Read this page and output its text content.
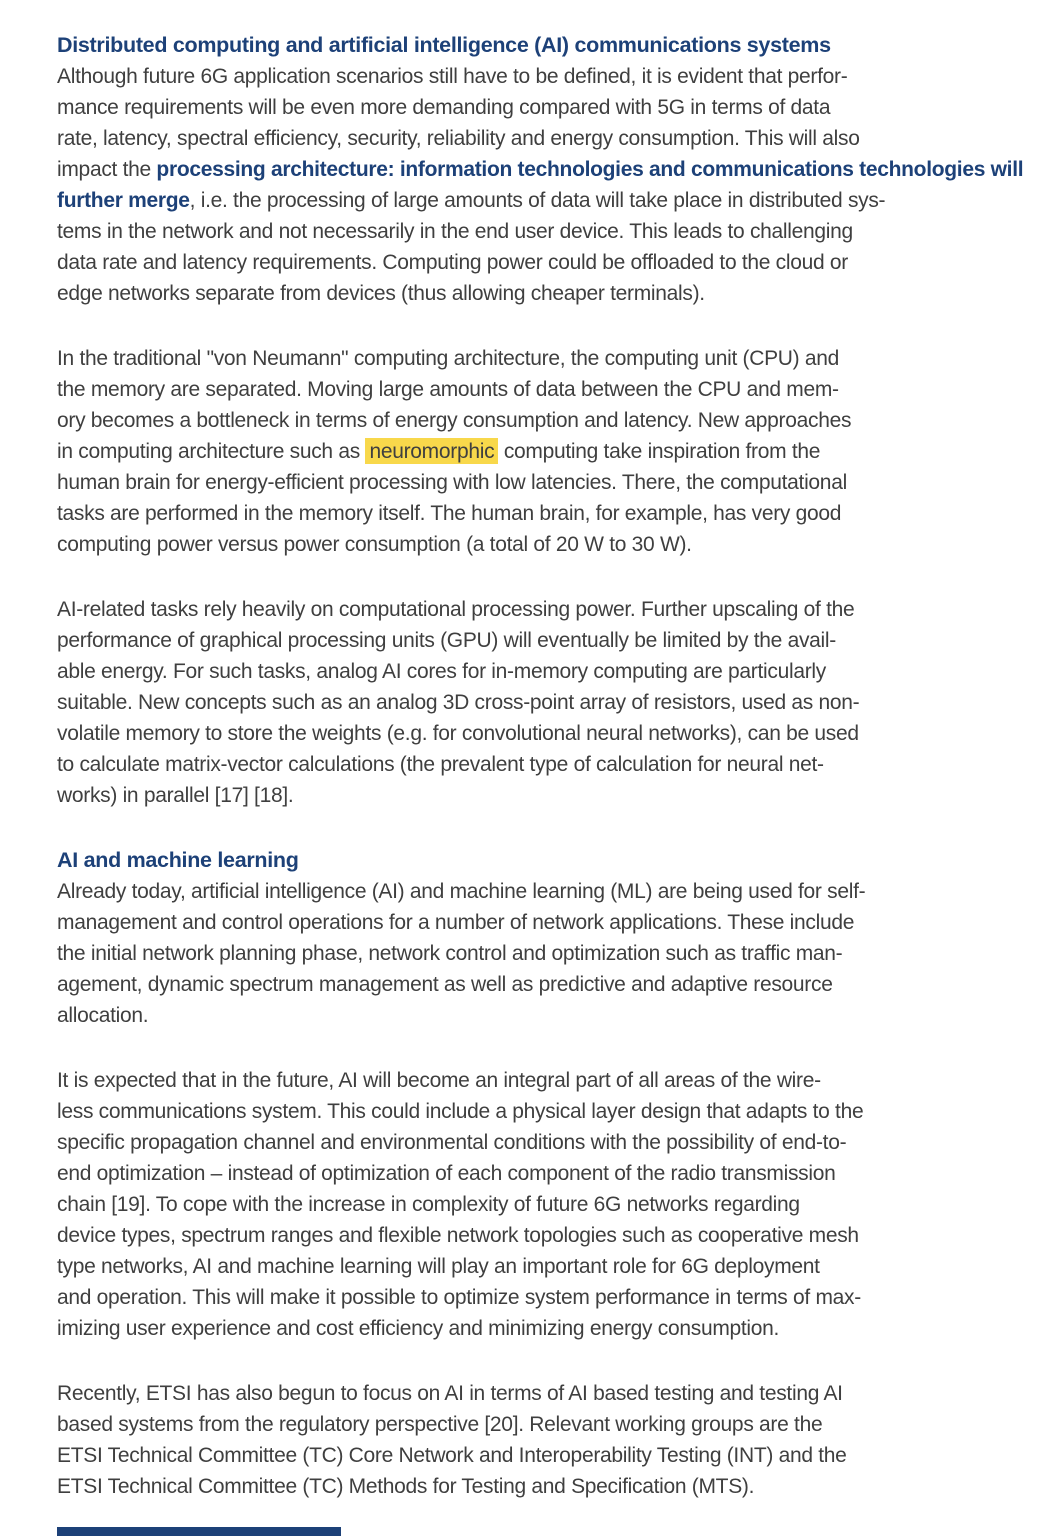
Distributed computing and artificial intelligence (AI) communications systems
Although future 6G application scenarios still have to be defined, it is evident that perfor-
mance requirements will be even more demanding compared with 5G in terms of data
rate, latency, spectral efficiency, security, reliability and energy consumption. This will also
impact the processing architecture: information technologies and communications technologies will
further merge, i.e. the processing of large amounts of data will take place in distributed sys-
tems in the network and not necessarily in the end user device. This leads to challenging
data rate and latency requirements. Computing power could be offloaded to the cloud or
edge networks separate from devices (thus allowing cheaper terminals).
In the traditional "von Neumann" computing architecture, the computing unit (CPU) and
the memory are separated. Moving large amounts of data between the CPU and mem-
ory becomes a bottleneck in terms of energy consumption and latency. New approaches
in computing architecture such as neuromorphic computing take inspiration from the
human brain for energy-efficient processing with low latencies. There, the computational
tasks are performed in the memory itself. The human brain, for example, has very good
computing power versus power consumption (a total of 20 W to 30 W).
AI-related tasks rely heavily on computational processing power. Further upscaling of the
performance of graphical processing units (GPU) will eventually be limited by the avail-
able energy. For such tasks, analog AI cores for in-memory computing are particularly
suitable. New concepts such as an analog 3D cross-point array of resistors, used as non-
volatile memory to store the weights (e.g. for convolutional neural networks), can be used
to calculate matrix-vector calculations (the prevalent type of calculation for neural net-
works) in parallel [17] [18].
AI and machine learning
Already today, artificial intelligence (AI) and machine learning (ML) are being used for self-
management and control operations for a number of network applications. These include
the initial network planning phase, network control and optimization such as traffic man-
agement, dynamic spectrum management as well as predictive and adaptive resource
allocation.
It is expected that in the future, AI will become an integral part of all areas of the wire-
less communications system. This could include a physical layer design that adapts to the
specific propagation channel and environmental conditions with the possibility of end-to-
end optimization – instead of optimization of each component of the radio transmission
chain [19]. To cope with the increase in complexity of future 6G networks regarding
device types, spectrum ranges and flexible network topologies such as cooperative mesh
type networks, AI and machine learning will play an important role for 6G deployment
and operation. This will make it possible to optimize system performance in terms of max-
imizing user experience and cost efficiency and minimizing energy consumption.
Recently, ETSI has also begun to focus on AI in terms of AI based testing and testing AI
based systems from the regulatory perspective [20]. Relevant working groups are the
ETSI Technical Committee (TC) Core Network and Interoperability Testing (INT) and the
ETSI Technical Committee (TC) Methods for Testing and Specification (MTS).
